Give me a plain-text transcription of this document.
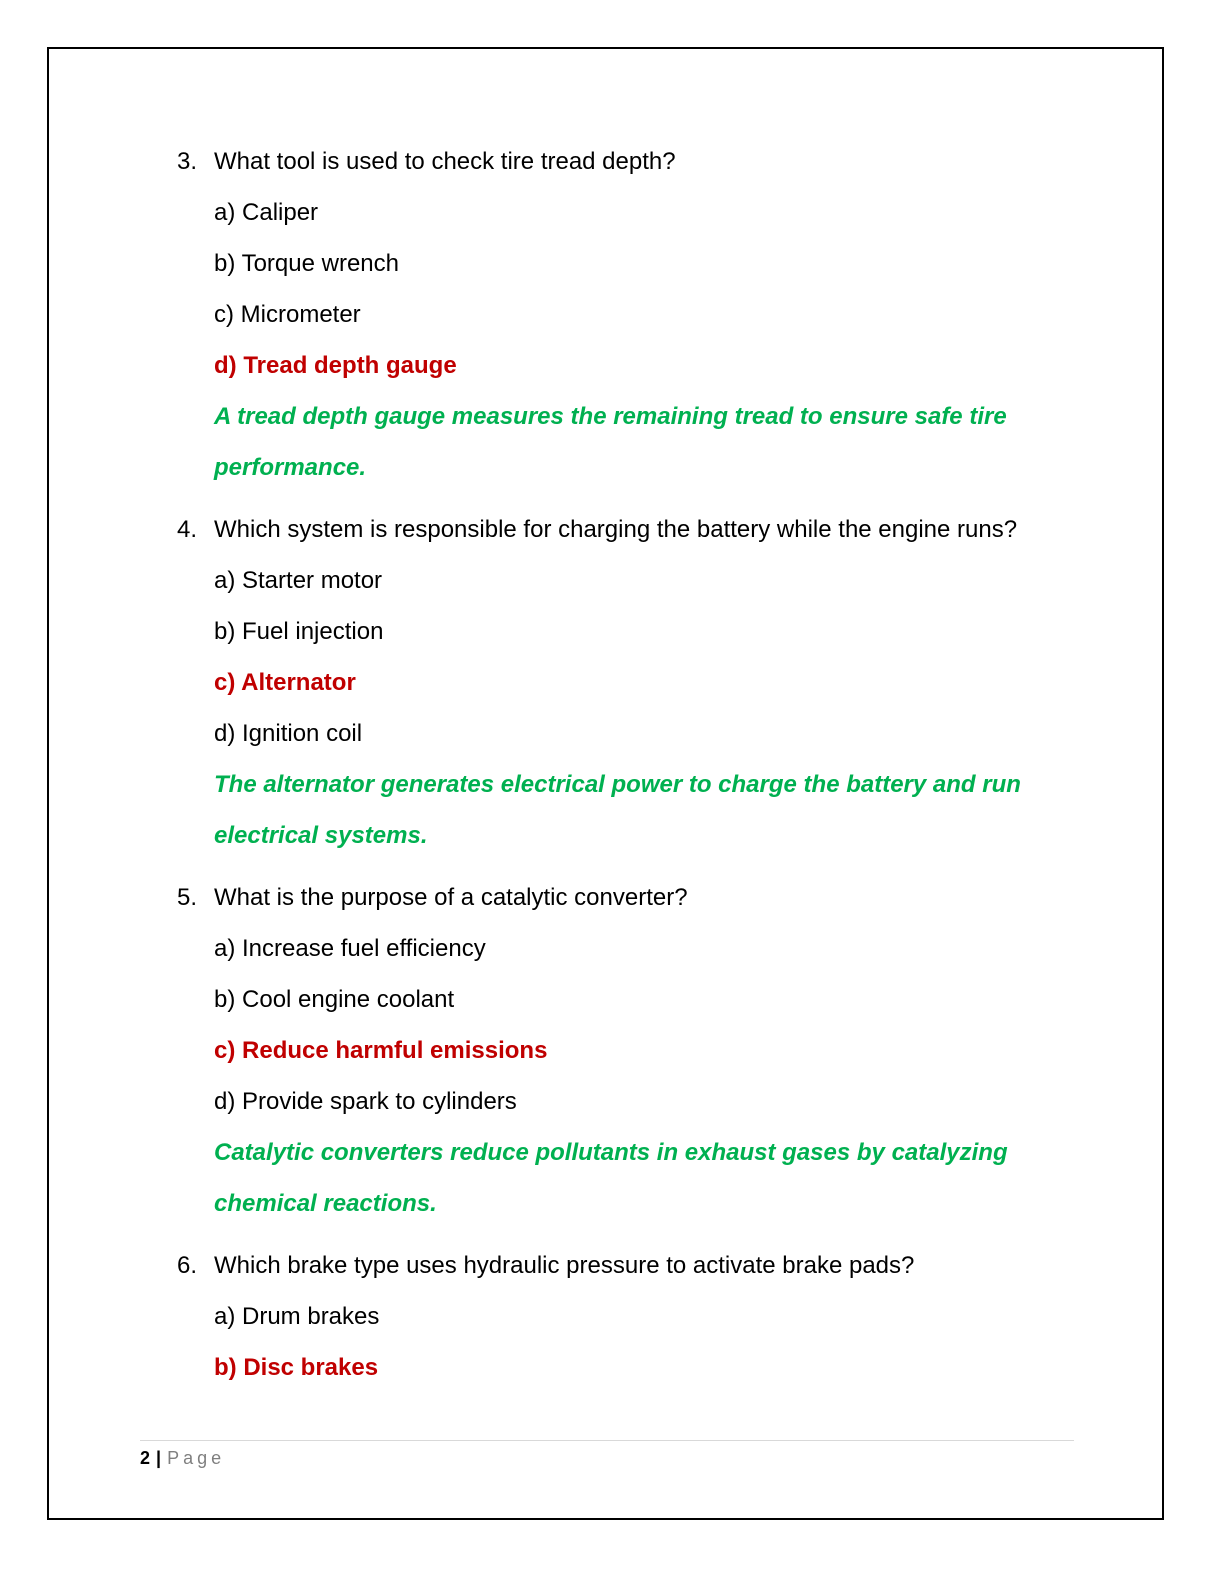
3. What tool is used to check tire tread depth?
a) Caliper
b) Torque wrench
c) Micrometer
d) Tread depth gauge
A tread depth gauge measures the remaining tread to ensure safe tire performance.
4. Which system is responsible for charging the battery while the engine runs?
a) Starter motor
b) Fuel injection
c) Alternator
d) Ignition coil
The alternator generates electrical power to charge the battery and run electrical systems.
5. What is the purpose of a catalytic converter?
a) Increase fuel efficiency
b) Cool engine coolant
c) Reduce harmful emissions
d) Provide spark to cylinders
Catalytic converters reduce pollutants in exhaust gases by catalyzing chemical reactions.
6. Which brake type uses hydraulic pressure to activate brake pads?
a) Drum brakes
b) Disc brakes
2 | Page
